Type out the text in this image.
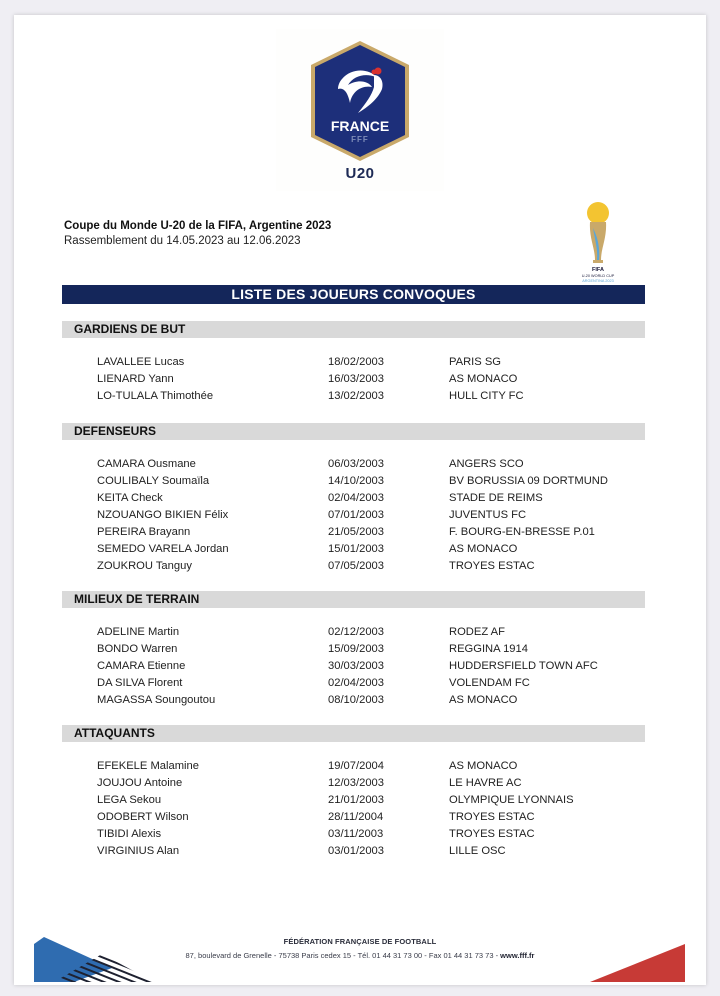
FRANCE
FFF
U20
Coupe du Monde U-20 de la FIFA, Argentine 2023
Rassemblement du 14.05.2023 au 12.06.2023
FIFA
U-20 WORLD CUP
ARGENTINA 2023
LISTE DES JOUEURS CONVOQUES
GARDIENS DE BUT
LAVALLEE Lucas	18/02/2003	PARIS SG
LIENARD Yann	16/03/2003	AS MONACO
LO-TULALA Thimothée	13/02/2003	HULL CITY FC
DEFENSEURS
CAMARA Ousmane	06/03/2003	ANGERS SCO
COULIBALY Soumaïla	14/10/2003	BV BORUSSIA 09 DORTMUND
KEITA Check	02/04/2003	STADE DE REIMS
NZOUANGO BIKIEN Félix	07/01/2003	JUVENTUS FC
PEREIRA Brayann	21/05/2003	F. BOURG-EN-BRESSE P.01
SEMEDO VARELA Jordan	15/01/2003	AS MONACO
ZOUKROU Tanguy	07/05/2003	TROYES ESTAC
MILIEUX DE TERRAIN
ADELINE Martin	02/12/2003	RODEZ AF
BONDO Warren	15/09/2003	REGGINA 1914
CAMARA Etienne	30/03/2003	HUDDERSFIELD TOWN AFC
DA SILVA Florent	02/04/2003	VOLENDAM FC
MAGASSA Soungoutou	08/10/2003	AS MONACO
ATTAQUANTS
EFEKELE Malamine	19/07/2004	AS MONACO
JOUJOU Antoine	12/03/2003	LE HAVRE AC
LEGA Sekou	21/01/2003	OLYMPIQUE LYONNAIS
ODOBERT Wilson	28/11/2004	TROYES ESTAC
TIBIDI Alexis	03/11/2003	TROYES ESTAC
VIRGINIUS Alan	03/01/2003	LILLE OSC
FÉDÉRATION FRANÇAISE DE FOOTBALL
87, boulevard de Grenelle - 75738 Paris cedex 15 - Tél. 01 44 31 73 00 - Fax 01 44 31 73 73 - www.fff.fr
